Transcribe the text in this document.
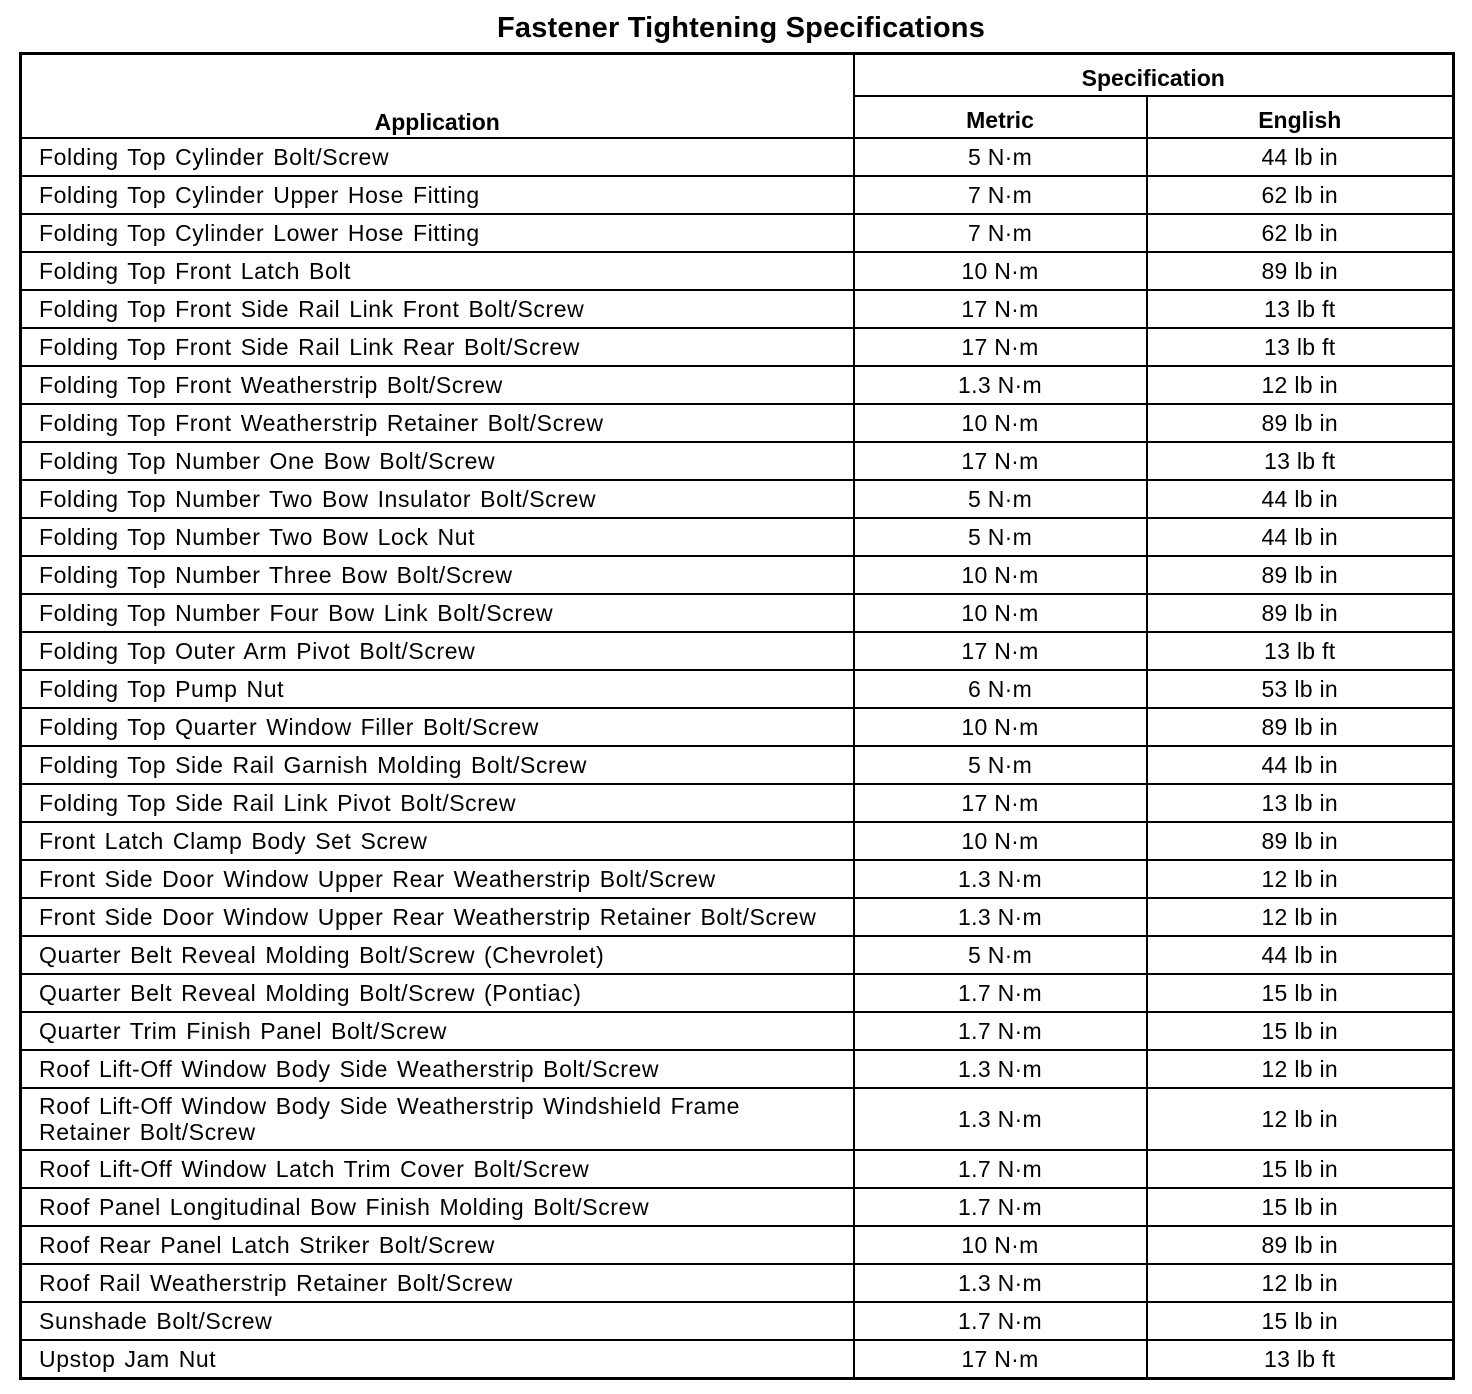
Fastener Tightening Specifications
Application	Specification	
	Metric	English

Folding Top Cylinder Bolt/Screw	5 N·m	44 lb in

Folding Top Cylinder Upper Hose Fitting	7 N·m	62 lb in

Folding Top Cylinder Lower Hose Fitting	7 N·m	62 lb in

Folding Top Front Latch Bolt	10 N·m	89 lb in

Folding Top Front Side Rail Link Front Bolt/Screw	17 N·m	13 lb ft

Folding Top Front Side Rail Link Rear Bolt/Screw	17 N·m	13 lb ft

Folding Top Front Weatherstrip Bolt/Screw	1.3 N·m	12 lb in

Folding Top Front Weatherstrip Retainer Bolt/Screw	10 N·m	89 lb in

Folding Top Number One Bow Bolt/Screw	17 N·m	13 lb ft

Folding Top Number Two Bow Insulator Bolt/Screw	5 N·m	44 lb in

Folding Top Number Two Bow Lock Nut	5 N·m	44 lb in

Folding Top Number Three Bow Bolt/Screw	10 N·m	89 lb in

Folding Top Number Four Bow Link Bolt/Screw	10 N·m	89 lb in

Folding Top Outer Arm Pivot Bolt/Screw	17 N·m	13 lb ft

Folding Top Pump Nut	6 N·m	53 lb in

Folding Top Quarter Window Filler Bolt/Screw	10 N·m	89 lb in

Folding Top Side Rail Garnish Molding Bolt/Screw	5 N·m	44 lb in

Folding Top Side Rail Link Pivot Bolt/Screw	17 N·m	13 lb in

Front Latch Clamp Body Set Screw	10 N·m	89 lb in

Front Side Door Window Upper Rear Weatherstrip Bolt/Screw	1.3 N·m	12 lb in

Front Side Door Window Upper Rear Weatherstrip Retainer Bolt/Screw	1.3 N·m	12 lb in

Quarter Belt Reveal Molding Bolt/Screw (Chevrolet)	5 N·m	44 lb in

Quarter Belt Reveal Molding Bolt/Screw (Pontiac)	1.7 N·m	15 lb in

Quarter Trim Finish Panel Bolt/Screw	1.7 N·m	15 lb in

Roof Lift-Off Window Body Side Weatherstrip Bolt/Screw	1.3 N·m	12 lb in

Roof Lift-Off Window Body Side Weatherstrip Windshield Frame
Retainer Bolt/Screw	1.3 N·m	12 lb in

Roof Lift-Off Window Latch Trim Cover Bolt/Screw	1.7 N·m	15 lb in

Roof Panel Longitudinal Bow Finish Molding Bolt/Screw	1.7 N·m	15 lb in

Roof Rear Panel Latch Striker Bolt/Screw	10 N·m	89 lb in

Roof Rail Weatherstrip Retainer Bolt/Screw	1.3 N·m	12 lb in

Sunshade Bolt/Screw	1.7 N·m	15 lb in

Upstop Jam Nut	17 N·m	13 lb ft
